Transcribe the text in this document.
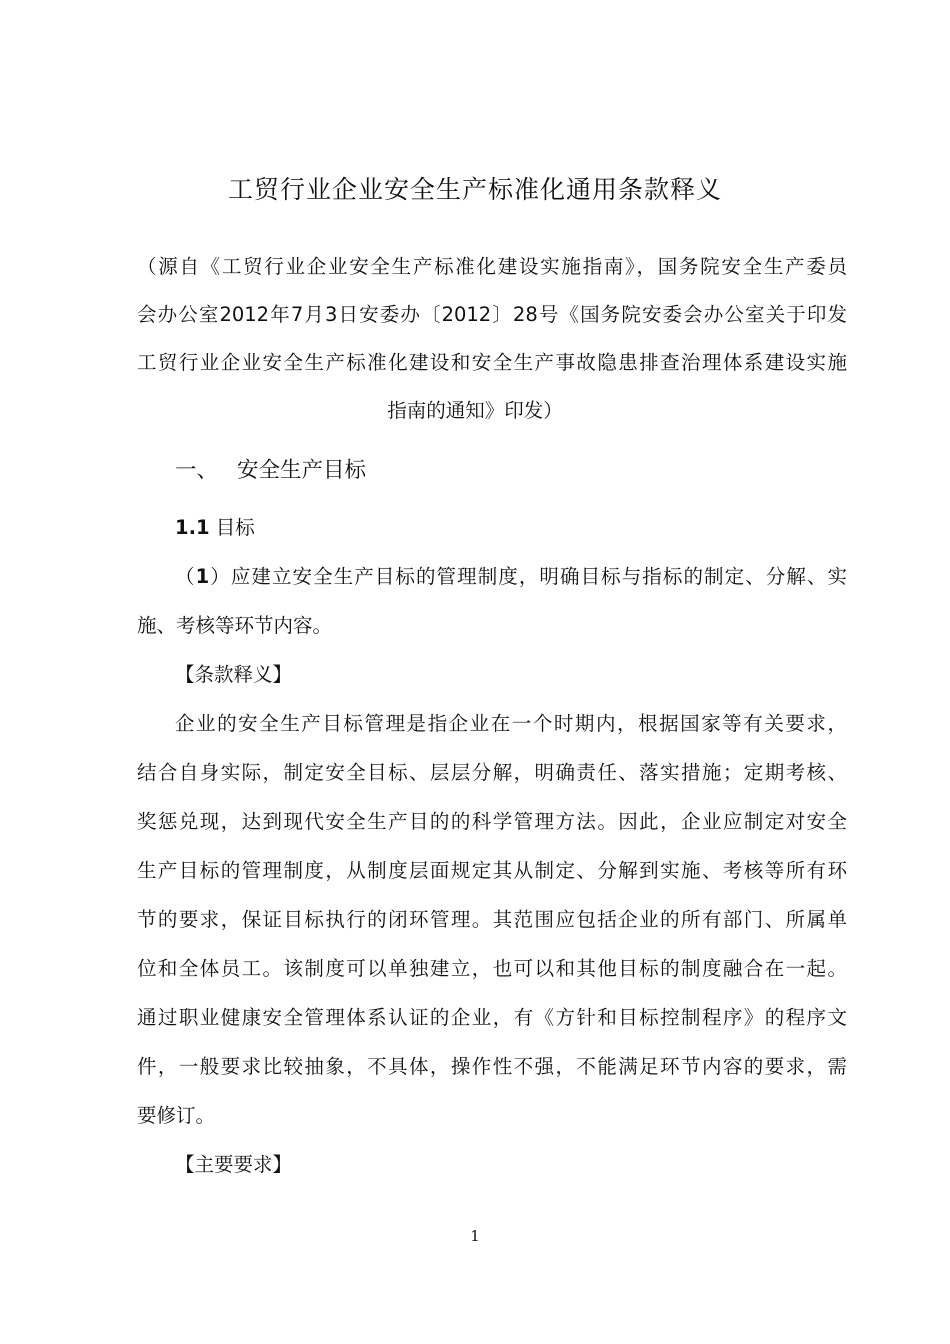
工贸行业企业安全生产标准化通用条款释义
（源自《工贸行业企业安全生产标准化建设实施指南》，国务院安全生产委员
会办公室2012年7月3日安委办〔2012〕28号《国务院安委会办公室关于印发
工贸行业企业安全生产标准化建设和安全生产事故隐患排查治理体系建设实施
指南的通知》印发）
一、 安全生产目标
1.1 目标
（1）应建立安全生产目标的管理制度，明确目标与指标的制定、分解、实
施、考核等环节内容。
【条款释义】
企业的安全生产目标管理是指企业在一个时期内，根据国家等有关要求，
结合自身实际，制定安全目标、层层分解，明确责任、落实措施；定期考核、
奖惩兑现，达到现代安全生产目的的科学管理方法。因此，企业应制定对安全
生产目标的管理制度，从制度层面规定其从制定、分解到实施、考核等所有环
节的要求，保证目标执行的闭环管理。其范围应包括企业的所有部门、所属单
位和全体员工。该制度可以单独建立，也可以和其他目标的制度融合在一起。
通过职业健康安全管理体系认证的企业，有《方针和目标控制程序》的程序文
件，一般要求比较抽象，不具体，操作性不强，不能满足环节内容的要求，需
要修订。
【主要要求】
1
